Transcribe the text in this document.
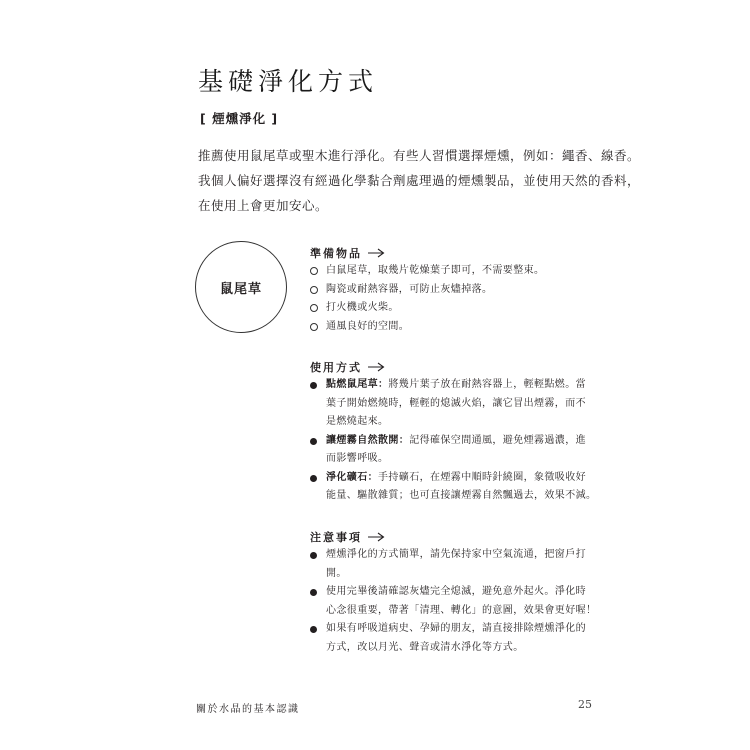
基礎淨化方式
[ 煙燻淨化 ]

推薦使用鼠尾草或聖木進行淨化。有些人習慣選擇煙燻，例如：繩香、線香。

我個人偏好選擇沒有經過化學黏合劑處理過的煙燻製品，並使用天然的香料，

在使用上會更加安心。

鼠尾草
準備物品
白鼠尾草，取幾片乾燥葉子即可，不需要整束。
陶瓷或耐熱容器，可防止灰燼掉落。
打火機或火柴。
通風良好的空間。
使用方式
點燃鼠尾草：將幾片葉子放在耐熱容器上，輕輕點燃。當
葉子開始燃燒時，輕輕的熄滅火焰，讓它冒出煙霧，而不
是燃燒起來。
讓煙霧自然散開：記得確保空間通風，避免煙霧過濃，進
而影響呼吸。
淨化礦石：手持礦石，在煙霧中順時針繞圈，象徵吸收好
能量、驅散雜質；也可直接讓煙霧自然飄過去，效果不減。
注意事項
煙燻淨化的方式簡單，請先保持家中空氣流通，把窗戶打
開。
使用完畢後請確認灰燼完全熄滅，避免意外起火。淨化時
心念很重要，帶著「清理、轉化」的意圖，效果會更好喔！
如果有呼吸道病史、孕婦的朋友，請直接排除煙燻淨化的
方式，改以月光、聲音或清水淨化等方式。
關於水晶的基本認識	25
